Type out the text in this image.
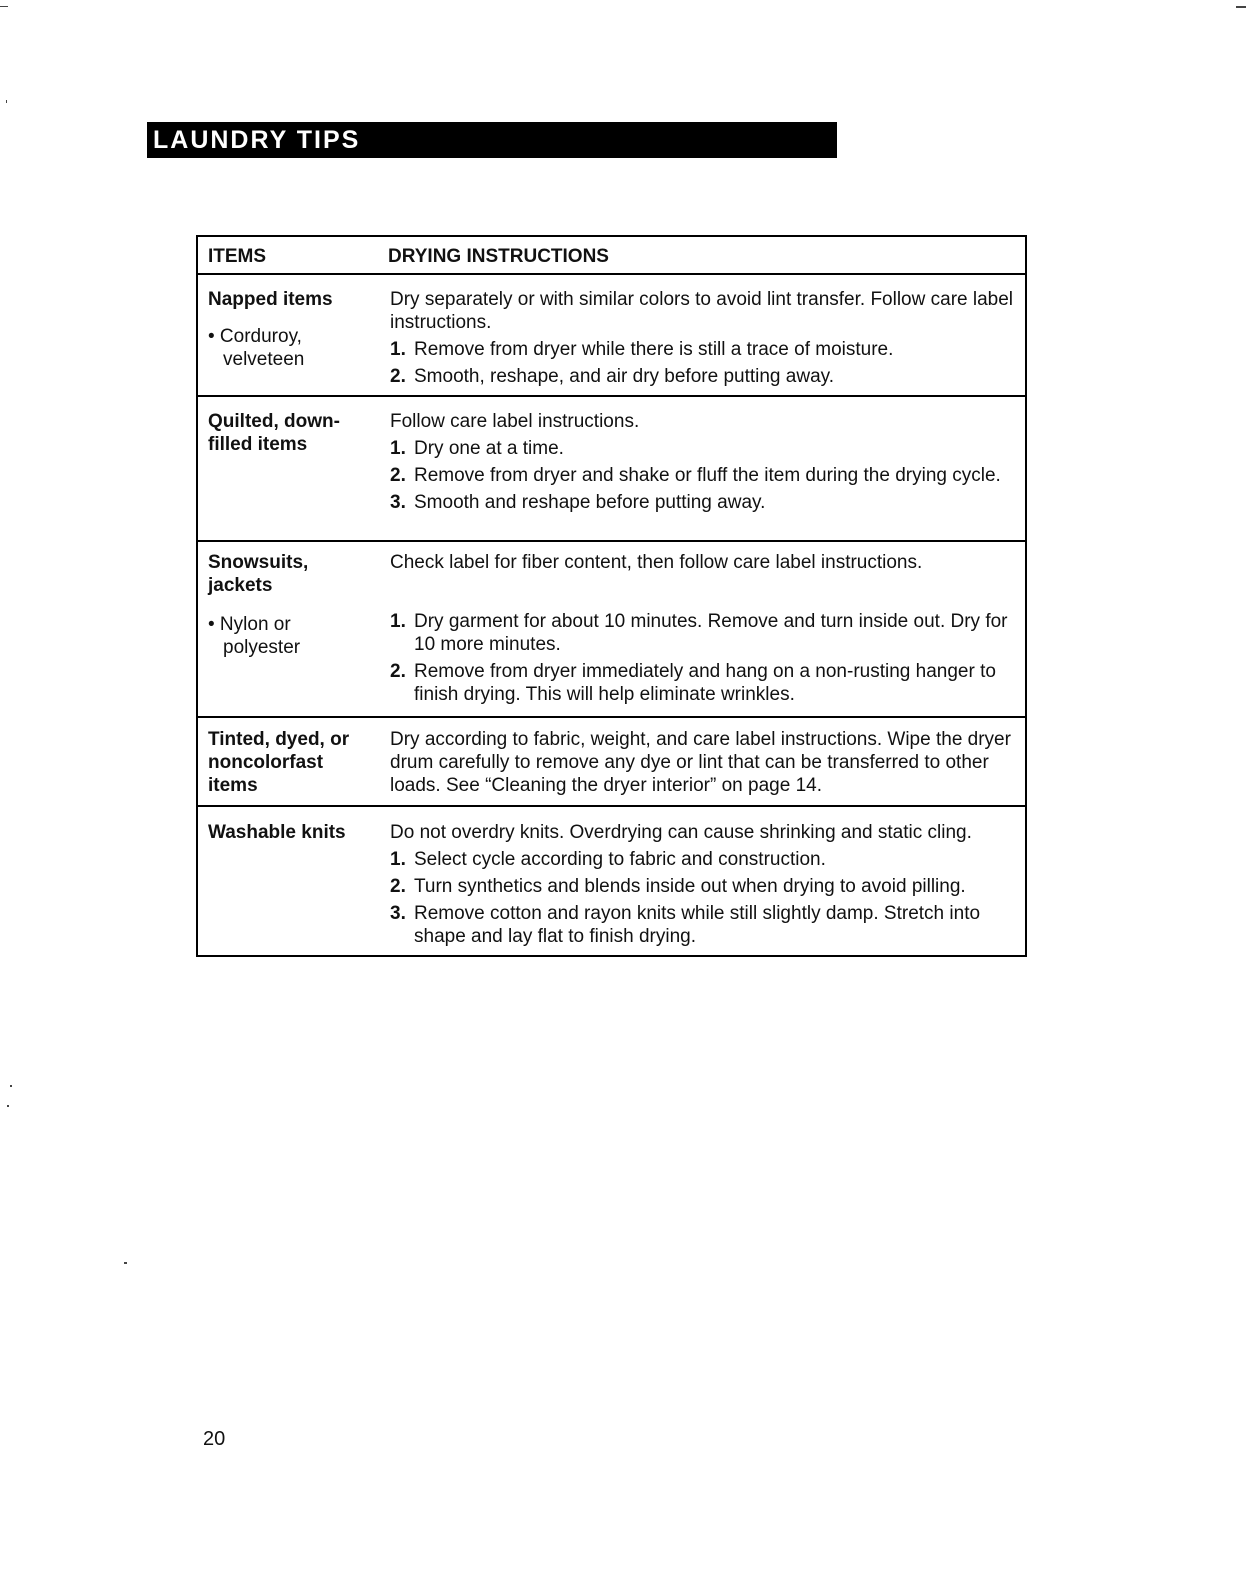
LAUNDRY TIPS
ITEMS	DRYING INSTRUCTIONS
Napped items
• Corduroy, velveteen

Dry separately or with similar colors to avoid lint transfer. Follow care label instructions.

1. Remove from dryer while there is still a trace of moisture.
2. Smooth, reshape, and air dry before putting away.
Quilted, down-filled items

Follow care label instructions.

1. Dry one at a time.
2. Remove from dryer and shake or fluff the item during the drying cycle.
3. Smooth and reshape before putting away.
Snowsuits, jackets
• Nylon or polyester

Check label for fiber content, then follow care label instructions.

1. Dry garment for about 10 minutes. Remove and turn inside out. Dry for 10 more minutes.
2. Remove from dryer immediately and hang on a non-rusting hanger to finish drying. This will help eliminate wrinkles.
Tinted, dyed, or noncolorfast items

Dry according to fabric, weight, and care label instructions. Wipe the dryer drum carefully to remove any dye or lint that can be transferred to other loads. See “Cleaning the dryer interior” on page 14.

Washable knits	Do not overdry knits. Overdrying can cause shrinking and static cling.

1. Select cycle according to fabric and construction.
2. Turn synthetics and blends inside out when drying to avoid pilling.
3. Remove cotton and rayon knits while still slightly damp. Stretch into shape and lay flat to finish drying.
20
